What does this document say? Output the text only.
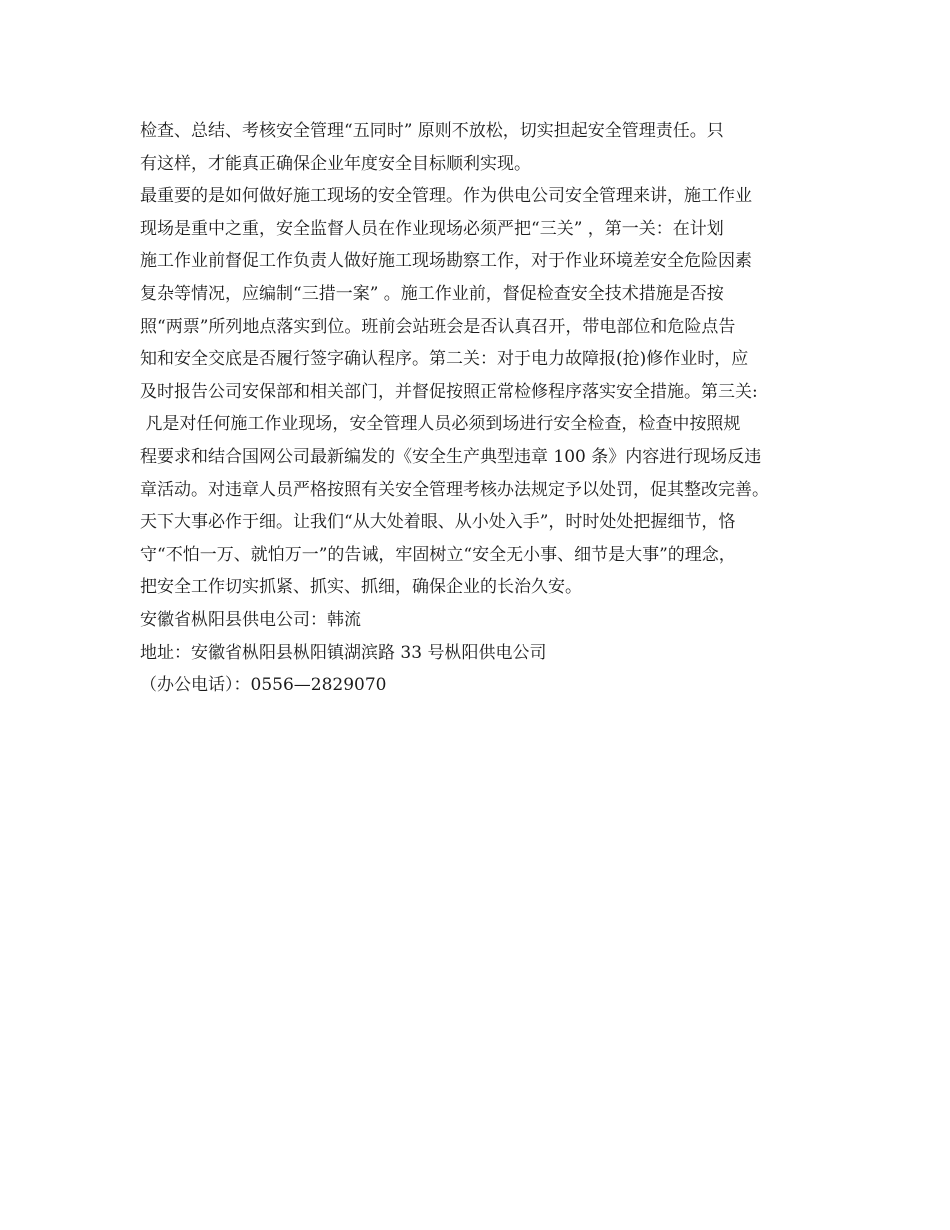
检查、总结、考核安全管理“五同时” 原则不放松，切实担起安全管理责任。只
有这样，才能真正确保企业年度安全目标顺利实现。
最重要的是如何做好施工现场的安全管理。作为供电公司安全管理来讲，施工作业
现场是重中之重，安全监督人员在作业现场必须严把“三关” ，第一关：在计划
施工作业前督促工作负责人做好施工现场勘察工作，对于作业环境差安全危险因素
复杂等情况，应编制“三措一案” 。施工作业前，督促检查安全技术措施是否按
照“两票”所列地点落实到位。班前会站班会是否认真召开，带电部位和危险点告
知和安全交底是否履行签字确认程序。第二关：对于电力故障报(抢)修作业时，应
及时报告公司安保部和相关部门，并督促按照正常检修程序落实安全措施。第三关:
凡是对任何施工作业现场，安全管理人员必须到场进行安全检查，检查中按照规
程要求和结合国网公司最新编发的《安全生产典型违章 100 条》内容进行现场反违
章活动。对违章人员严格按照有关安全管理考核办法规定予以处罚，促其整改完善。
天下大事必作于细。让我们“从大处着眼、从小处入手”，时时处处把握细节，恪
守“不怕一万、就怕万一”的告诫，牢固树立“安全无小事、细节是大事”的理念，
把安全工作切实抓紧、抓实、抓细，确保企业的长治久安。
安徽省枞阳县供电公司：韩流
地址：安徽省枞阳县枞阳镇湖滨路 33 号枞阳供电公司
（办公电话）：0556—2829070
